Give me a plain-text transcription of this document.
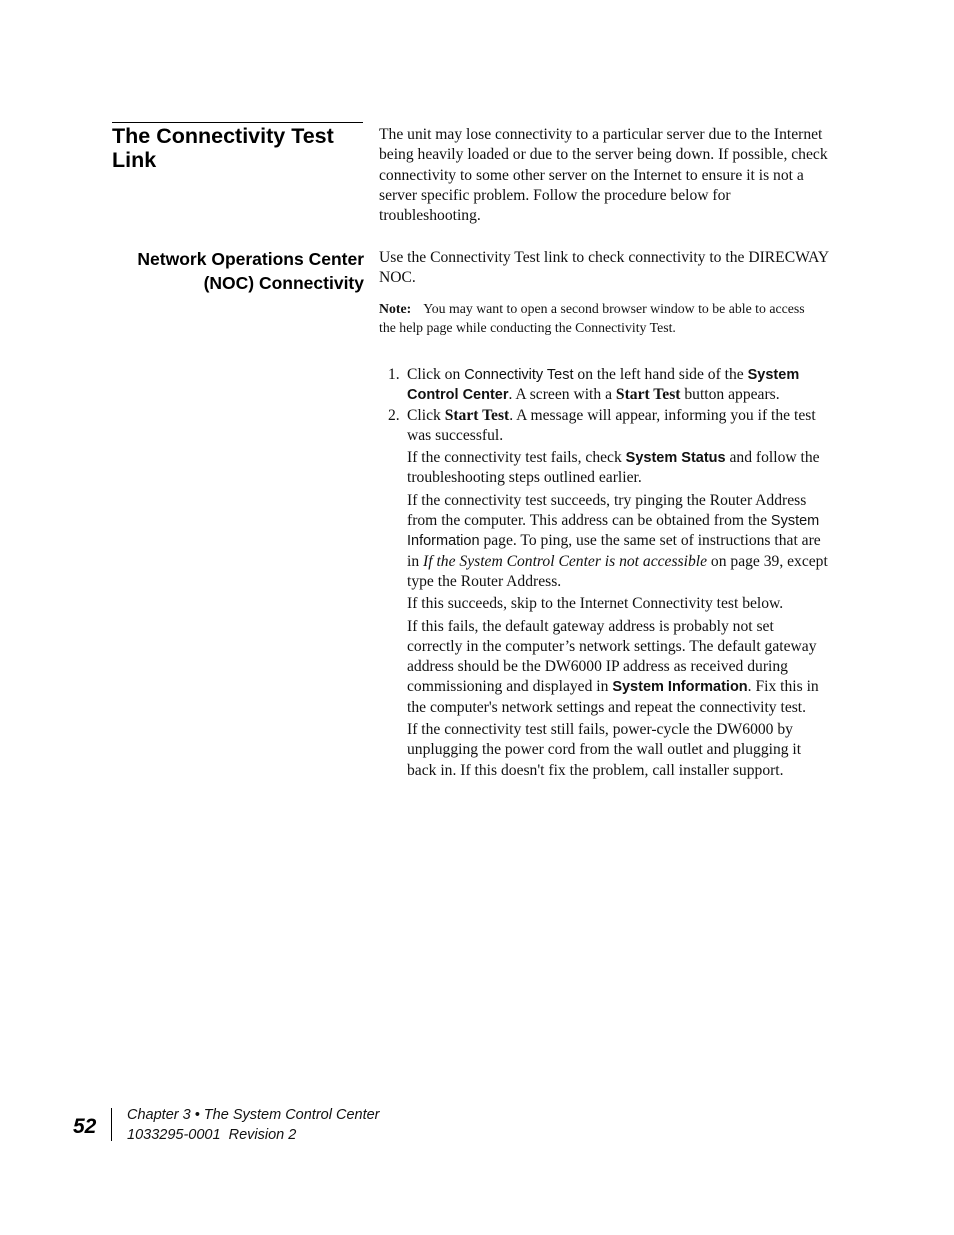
The Connectivity Test Link

The unit may lose connectivity to a particular server due to the Internet being heavily loaded or due to the server being down. If possible, check connectivity to some other server on the Internet to ensure it is not a server specific problem. Follow the procedure below for troubleshooting.

Network Operations Center
(NOC) Connectivity

Use the Connectivity Test link to check connectivity to the DIRECWAY NOC.

Note: You may want to open a second browser window to be able to access the help page while conducting the Connectivity Test.

1. Click on Connectivity Test on the left hand side of the System Control Center. A screen with a Start Test button appears.

2. Click Start Test. A message will appear, informing you if the test was successful.

If the connectivity test fails, check System Status and follow the troubleshooting steps outlined earlier.

If the connectivity test succeeds, try pinging the Router Address from the computer. This address can be obtained from the System Information page. To ping, use the same set of instructions that are in If the System Control Center is not accessible on page 39, except type the Router Address.

If this succeeds, skip to the Internet Connectivity test below.

If this fails, the default gateway address is probably not set correctly in the computer’s network settings. The default gateway address should be the DW6000 IP address as received during commissioning and displayed in System Information. Fix this in the computer's network settings and repeat the connectivity test.

If the connectivity test still fails, power-cycle the DW6000 by unplugging the power cord from the wall outlet and plugging it back in. If this doesn't fix the problem, call installer support.

52	Chapter 3 • The System Control Center
1033295-0001  Revision 2
